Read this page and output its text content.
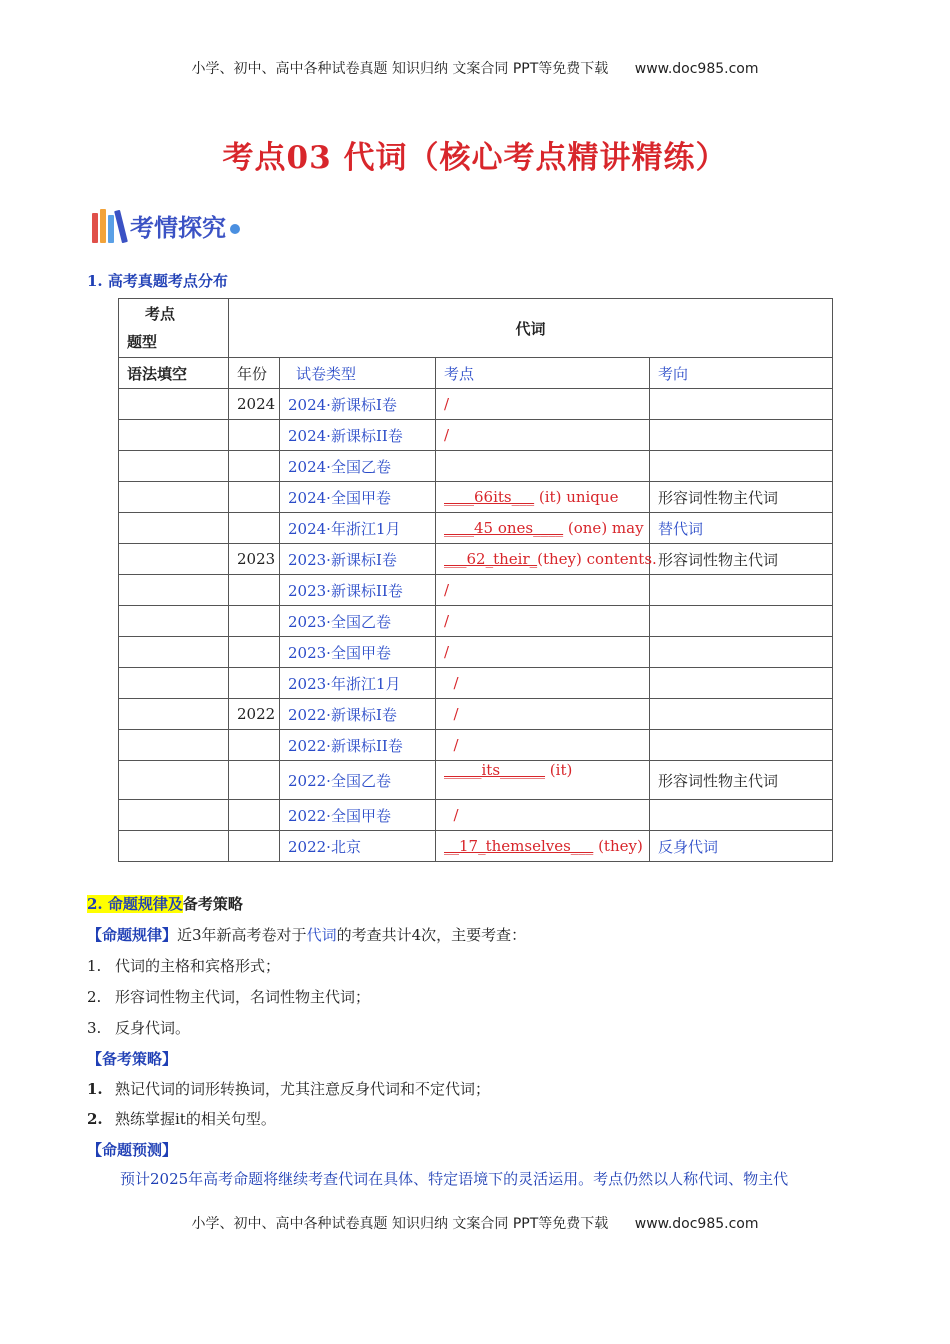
小学、初中、高中各种试卷真题 知识归纳 文案合同 PPT等免费下载 www.doc985.com
考点03 代词（核心考点精讲精练）
考情探究
1. 高考真题考点分布
考点
题型	代词			
语法填空	年份	试卷类型	考点	考向
	2024	2024·新课标I卷	/	
		2024·新课标II卷	/	
		2024·全国乙卷		
		2024·全国甲卷	____66its___ (it) unique	形容词性物主代词
		2024·年浙江1月	____45 ones____ (one) may	替代词
	2023	2023·新课标I卷	___62_their_(they) contents.	形容词性物主代词
		2023·新课标II卷	/	
		2023·全国乙卷	/	
		2023·全国甲卷	/	
		2023·年浙江1月	/	
	2022	2022·新课标I卷	/	
		2022·新课标II卷	/	
		2022·全国乙卷	_____its______ (it)	形容词性物主代词
		2022·全国甲卷	/	
		2022·北京	__17_themselves___ (they)	反身代词
2. 命题规律及备考策略
【命题规律】近3年新高考卷对于代词的考查共计4次，主要考查：
1. 代词的主格和宾格形式；
2. 形容词性物主代词，名词性物主代词；
3. 反身代词。
【备考策略】
1. 熟记代词的词形转换词，尤其注意反身代词和不定代词；
2. 熟练掌握it的相关句型。
【命题预测】
预计2025年高考命题将继续考查代词在具体、特定语境下的灵活运用。考点仍然以人称代词、物主代
小学、初中、高中各种试卷真题 知识归纳 文案合同 PPT等免费下载 www.doc985.com
